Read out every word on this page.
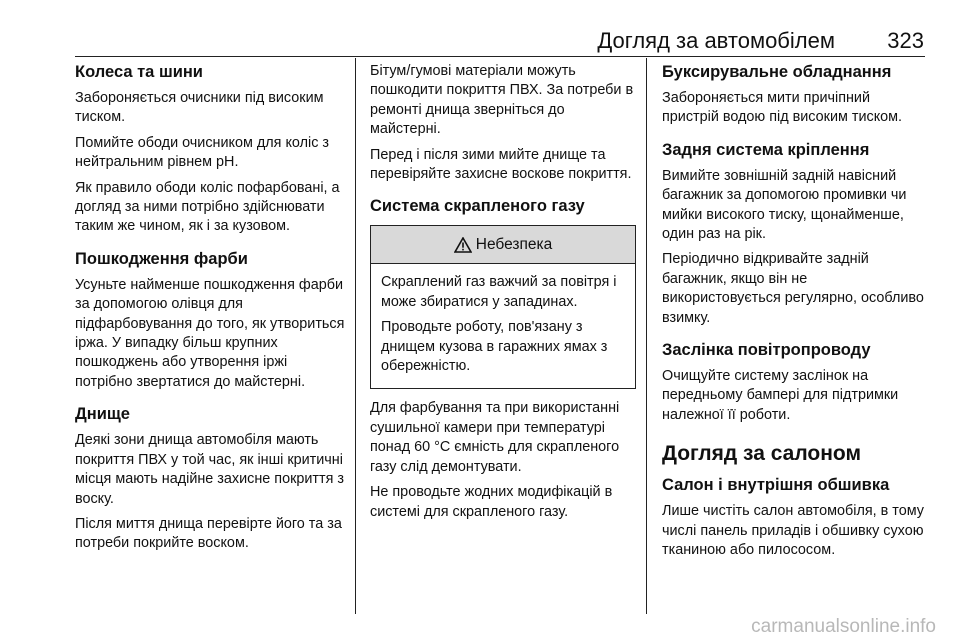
Догляд за автомобілем	323
Колеса та шини
Забороняється очисники під високим тиском.
Помийте ободи очисником для коліс з нейтральним рівнем pH.
Як правило ободи коліс пофарбовані, а догляд за ними потрібно здійснювати таким же чином, як і за кузовом.
Пошкодження фарби
Усуньте найменше пошкодження фарби за допомогою олівця для підфарбовування до того, як утвориться іржа. У випадку більш крупних пошкоджень або утворення іржі потрібно звертатися до майстерні.
Днище
Деякі зони днища автомобіля мають покриття ПВХ у той час, як інші критичні місця мають надійне захисне покриття з воску.
Після миття днища перевірте його та за потреби покрийте воском.
Бітум/гумові матеріали можуть пошкодити покриття ПВХ. За потреби в ремонті днища зверніться до майстерні.
Перед і після зими мийте днище та перевіряйте захисне воскове покриття.
Система скрапленого газу
Небезпека
Скраплений газ важчий за повітря і може збиратися у западинах.
Проводьте роботу, пов'язану з днищем кузова в гаражних ямах з обережністю.
Для фарбування та при використанні сушильної камери при температурі понад 60 °C ємність для скрапленого газу слід демонтувати.
Не проводьте жодних модифікацій в системі для скрапленого газу.
Буксирувальне обладнання
Забороняється мити причіпний пристрій водою під високим тиском.
Задня система кріплення
Вимийте зовнішній задній навісний багажник за допомогою промивки чи мийки високого тиску, щонайменше, один раз на рік.
Періодично відкривайте задній багажник, якщо він не використовується регулярно, особливо взимку.
Заслінка повітропроводу
Очищуйте систему заслінок на передньому бампері для підтримки належної її роботи.
Догляд за салоном
Салон і внутрішня обшивка
Лише чистіть салон автомобіля, в тому числі панель приладів і обшивку сухою тканиною або пилососом.
carmanualsonline.info
